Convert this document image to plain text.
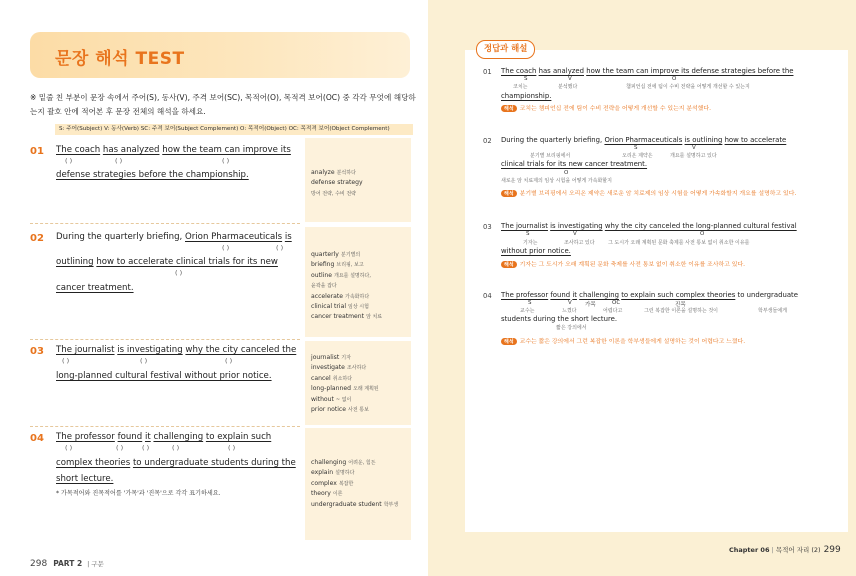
문장 해석 TEST
※ 밑줄 친 부분이 문장 속에서 주어(S), 동사(V), 주격 보어(SC), 목적어(O), 목적격 보어(OC) 중 각각 무엇에 해당하는지 괄호 안에 적어본 후 문장 전체의 해석을 하세요.
S: 주어(Subject) V: 동사(Verb) SC: 주격 보어(Subject Complement) O: 목적어(Object) OC: 목적격 보어(Object Complement)
01 The coach has analyzed how the team can improve its
( )	( )	( )
defense strategies before the championship.	analyze 분석하다
defense strategy
방어 전략, 수비 전략
02 During the quarterly briefing, Orion Pharmaceuticals is
( )	( )
outlining how to accelerate clinical trials for its new
( )
cancer treatment.
quarterly 분기별의
briefing 브리핑, 보고
outline 개요를 설명하다,
윤곽을 잡다
accelerate 가속화하다
clinical trial 임상 시험
cancer treatment 암 치료
03 The journalist is investigating why the city canceled the
( )	( )	( )
long-planned cultural festival without prior notice.
journalist 기자
investigate 조사하다
cancel 취소하다
long-planned 오래 계획된
without ~ 없이
prior notice 사전 통보
04 The professor found it challenging to explain such
( )	( )	( )	( )	( )
complex theories to undergraduate students during the
short lecture.
* 가목적어와 진목적어를 '가목'과 '진목'으로 각각 표기하세요.
challenging 어려운, 힘든
explain 설명하다
complex 복잡한
theory 이론
undergraduate student 학부생
298 PART 2 | 구문
정답과 해설
01 The coach has analyzed how the team can improve its defense strategies before the
S	V	O
코치는	분석했다	챔피언십 전에 팀이 수비 전략을 어떻게 개선할 수 있는지
championship.
해석 코치는 챔피언십 전에 팀이 수비 전략을 어떻게 개선할 수 있는지 분석했다.
02 During the quarterly briefing, Orion Pharmaceuticals is outlining how to accelerate
S	V
O
분기별 브리핑에서	오리온 제약은	개요를 설명하고 있다
clinical trials for its new cancer treatment.
새로운 암 치료제의 임상 시험을 어떻게 가속화할지
해석 분기별 브리핑에서 오리온 제약은 새로운 암 치료제의 임상 시험을 어떻게 가속화할지 개요를 설명하고 있다.
03 The journalist is investigating why the city canceled the long-planned cultural festival
S	V	O
기자는	조사하고 있다	그 도시가 오래 계획된 문화 축제를 사전 통보 없이 취소한 이유를
without prior notice.
해석 기자는 그 도시가 오래 계획된 문화 축제를 사전 통보 없이 취소한 이유를 조사하고 있다.
04 The professor found it challenging to explain such complex theories to undergraduate
S	V 가목	OC	진목
교수는	느꼈다	어렵다고	그런 복잡한 이론을 설명하는 것이	학부생들에게
students during the short lecture.
짧은 강의에서
해석 교수는 짧은 강의에서 그런 복잡한 이론을 학부생들에게 설명하는 것이 어렵다고 느꼈다.
Chapter 06 | 목적어 자리 (2) 299
